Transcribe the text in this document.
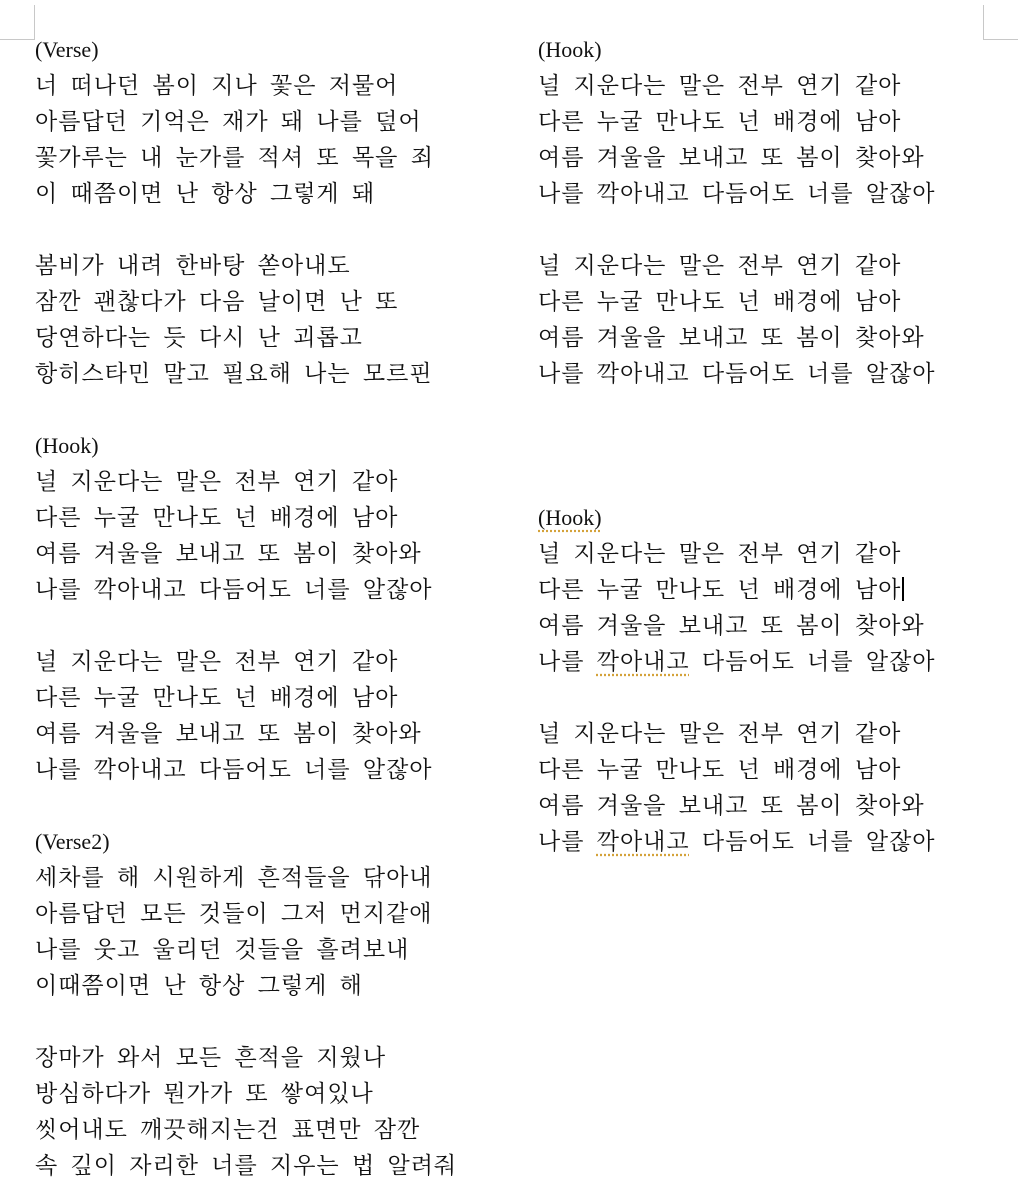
(Verse)
너 떠나던 봄이 지나 꽃은 저물어
아름답던 기억은 재가 돼 나를 덮어
꽃가루는 내 눈가를 적셔 또 목을 죄
이 때쯤이면 난 항상 그렇게 돼
봄비가 내려 한바탕 쏟아내도
잠깐 괜찮다가 다음 날이면 난 또
당연하다는 듯 다시 난 괴롭고
항히스타민 말고 필요해 나는 모르핀
(Hook)
널 지운다는 말은 전부 연기 같아
다른 누굴 만나도 넌 배경에 남아
여름 겨울을 보내고 또 봄이 찾아와
나를 깍아내고 다듬어도 너를 알잖아
널 지운다는 말은 전부 연기 같아
다른 누굴 만나도 넌 배경에 남아
여름 겨울을 보내고 또 봄이 찾아와
나를 깍아내고 다듬어도 너를 알잖아
(Verse2)
세차를 해 시원하게 흔적들을 닦아내
아름답던 모든 것들이 그저 먼지같애
나를 웃고 울리던 것들을 흘려보내
이때쯤이면 난 항상 그렇게 해
장마가 와서 모든 흔적을 지웠나
방심하다가 뭔가가 또 쌓여있나
씻어내도 깨끗해지는건 표면만 잠깐
속 깊이 자리한 너를 지우는 법 알려줘
(Hook)
널 지운다는 말은 전부 연기 같아
다른 누굴 만나도 넌 배경에 남아
여름 겨울을 보내고 또 봄이 찾아와
나를 깍아내고 다듬어도 너를 알잖아
널 지운다는 말은 전부 연기 같아
다른 누굴 만나도 넌 배경에 남아
여름 겨울을 보내고 또 봄이 찾아와
나를 깍아내고 다듬어도 너를 알잖아
(Hook)
널 지운다는 말은 전부 연기 같아
다른 누굴 만나도 넌 배경에 남아
여름 겨울을 보내고 또 봄이 찾아와
나를 깍아내고 다듬어도 너를 알잖아
널 지운다는 말은 전부 연기 같아
다른 누굴 만나도 넌 배경에 남아
여름 겨울을 보내고 또 봄이 찾아와
나를 깍아내고 다듬어도 너를 알잖아
